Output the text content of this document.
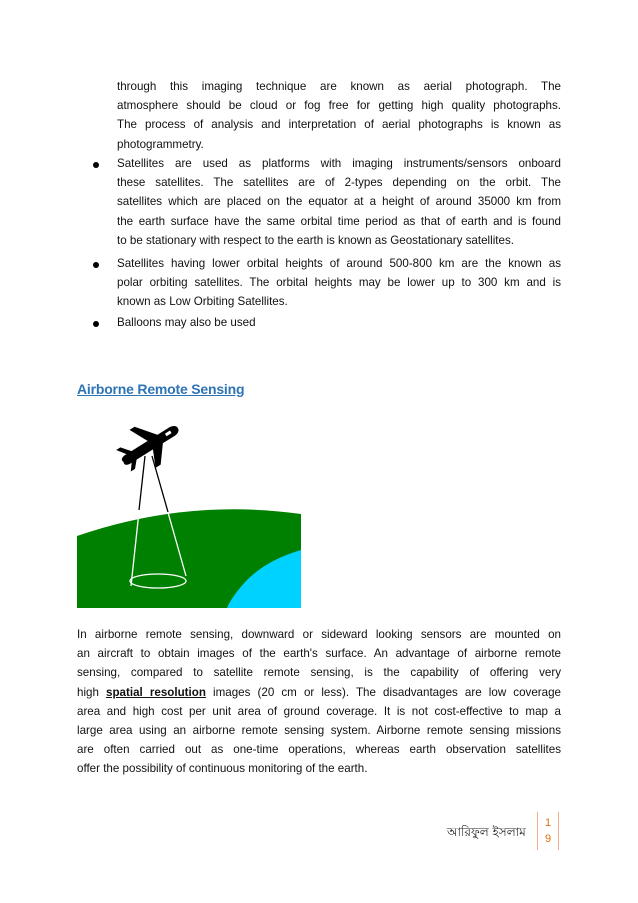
through this imaging technique are known as aerial photograph. The
atmosphere should be cloud or fog free for getting high quality photographs.
The process of analysis and interpretation of aerial photographs is known as
photogrammetry.
Satellites are used as platforms with imaging instruments/sensors onboard
these satellites. The satellites are of 2-types depending on the orbit. The
satellites which are placed on the equator at a height of around 35000 km from
the earth surface have the same orbital time period as that of earth and is found
to be stationary with respect to the earth is known as Geostationary satellites.
Satellites having lower orbital heights of around 500-800 km are the known as
polar orbiting satellites. The orbital heights may be lower up to 300 km and is
known as Low Orbiting Satellites.
Balloons may also be used
Airborne Remote Sensing
In airborne remote sensing, downward or sideward looking sensors are mounted on
an aircraft to obtain images of the earth's surface. An advantage of airborne remote
sensing, compared to satellite remote sensing, is the capability of offering very
high spatial resolution images (20 cm or less). The disadvantages are low coverage
area and high cost per unit area of ground coverage. It is not cost-effective to map a
large area using an airborne remote sensing system. Airborne remote sensing missions
are often carried out as one-time operations, whereas earth observation satellites
offer the possibility of continuous monitoring of the earth.
আরিফুল ইসলাম
1
9
